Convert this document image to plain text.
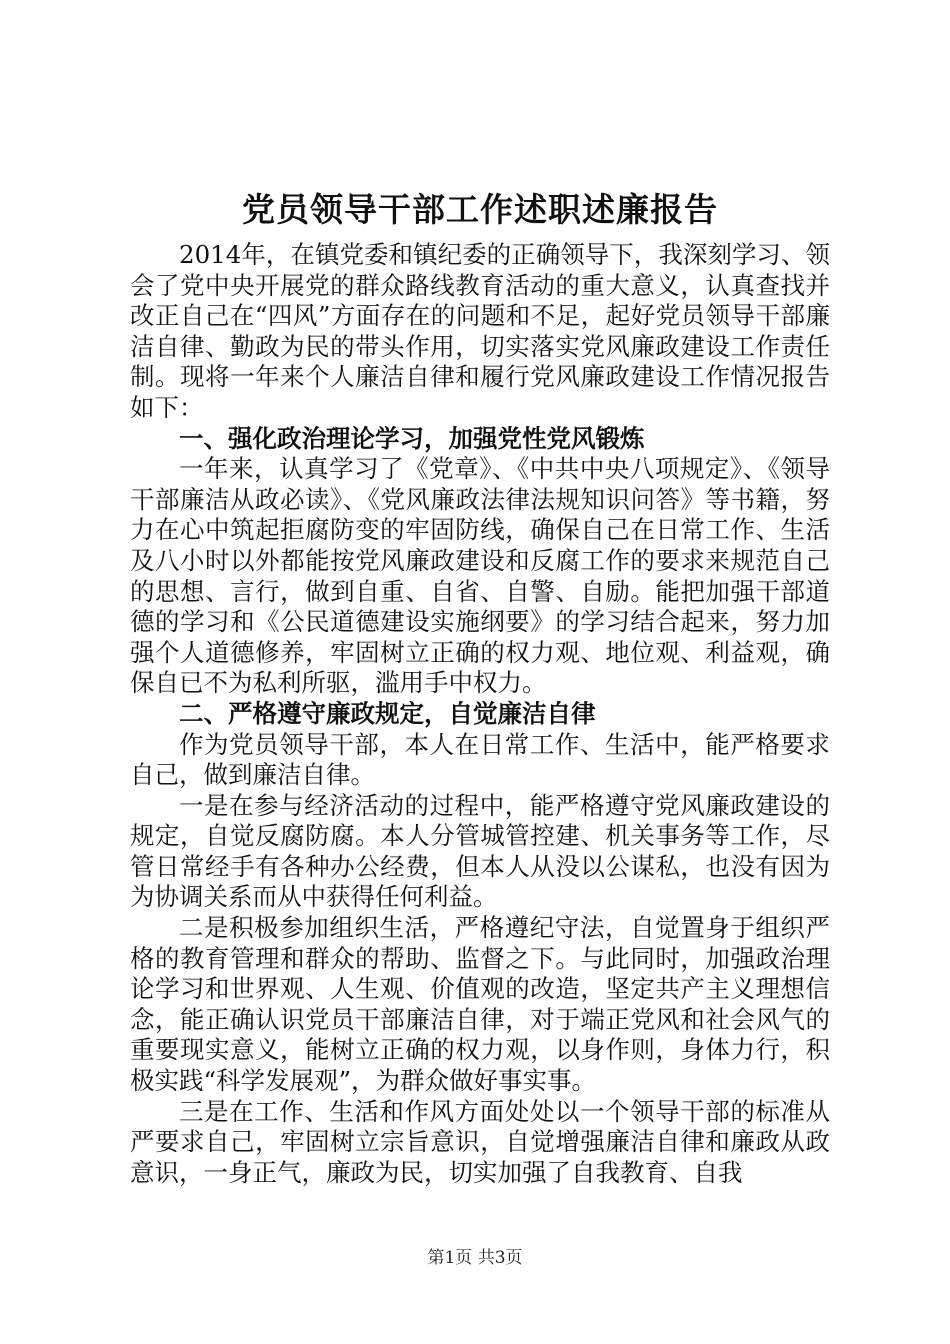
党员领导干部工作述职述廉报告

2014年，在镇党委和镇纪委的正确领导下，我深刻学习、领会了党中央开展党的群众路线教育活动的重大意义，认真查找并改正自己在“四风”方面存在的问题和不足，起好党员领导干部廉洁自律、勤政为民的带头作用，切实落实党风廉政建设工作责任制。现将一年来个人廉洁自律和履行党风廉政建设工作情况报告如下：

一、强化政治理论学习，加强党性党风锻炼

一年来，认真学习了《党章》、《中共中央八项规定》、《领导干部廉洁从政必读》、《党风廉政法律法规知识问答》等书籍，努力在心中筑起拒腐防变的牢固防线，确保自己在日常工作、生活及八小时以外都能按党风廉政建设和反腐工作的要求来规范自己的思想、言行，做到自重、自省、自警、自励。能把加强干部道德的学习和《公民道德建设实施纲要》的学习结合起来，努力加强个人道德修养，牢固树立正确的权力观、地位观、利益观，确保自已不为私利所驱，滥用手中权力。

二、严格遵守廉政规定，自觉廉洁自律

作为党员领导干部，本人在日常工作、生活中，能严格要求自己，做到廉洁自律。

一是在参与经济活动的过程中，能严格遵守党风廉政建设的规定，自觉反腐防腐。本人分管城管控建、机关事务等工作，尽管日常经手有各种办公经费，但本人从没以公谋私，也没有因为为协调关系而从中获得任何利益。

二是积极参加组织生活，严格遵纪守法，自觉置身于组织严格的教育管理和群众的帮助、监督之下。与此同时，加强政治理论学习和世界观、人生观、价值观的改造，坚定共产主义理想信念，能正确认识党员干部廉洁自律，对于端正党风和社会风气的重要现实意义，能树立正确的权力观，以身作则，身体力行，积极实践“科学发展观”，为群众做好事实事。

三是在工作、生活和作风方面处处以一个领导干部的标准从严要求自己，牢固树立宗旨意识，自觉增强廉洁自律和廉政从政意识，一身正气，廉政为民，切实加强了自我教育、自我

第1页 共3页
